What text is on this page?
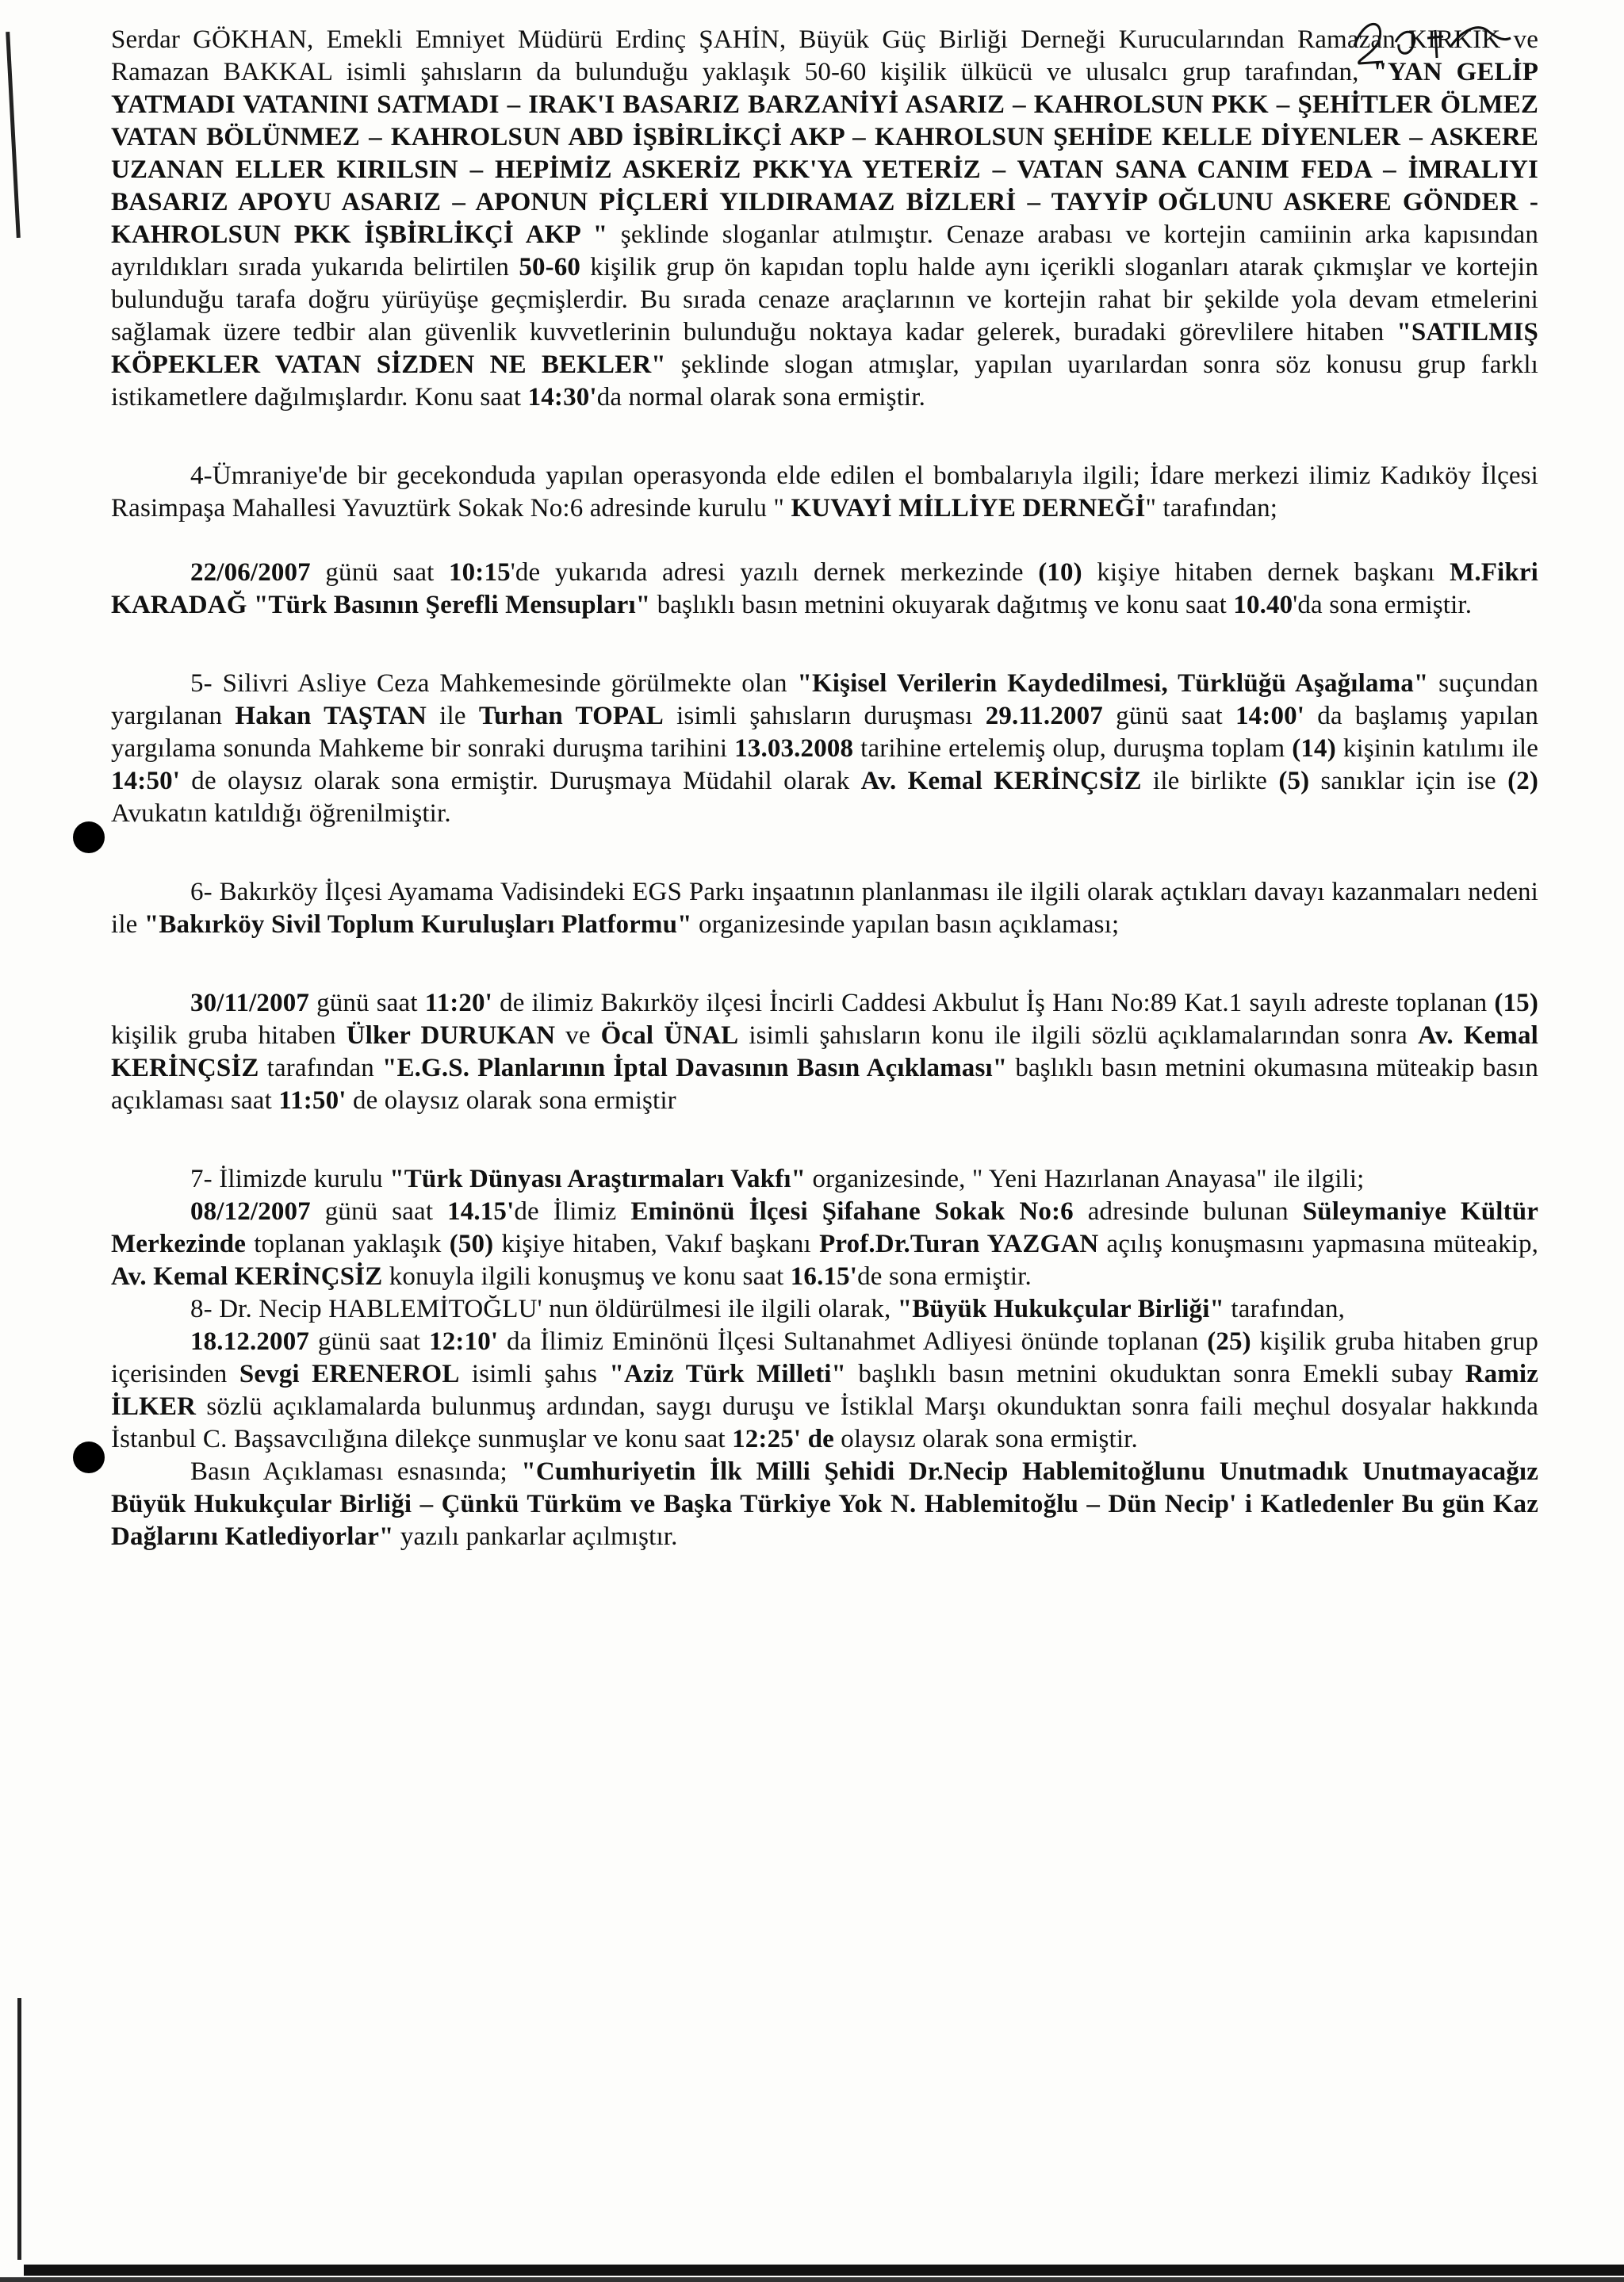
Serdar GÖKHAN, Emekli Emniyet Müdürü Erdinç ŞAHİN, Büyük Güç Birliği Derneği Kurucularından Ramazan KIRKIK ve Ramazan BAKKAL isimli şahısların da bulunduğu yaklaşık 50-60 kişilik ülkücü ve ulusalcı grup tarafından, "YAN GELİP YATMADI VATANINI SATMADI – IRAK'I BASARIZ BARZANİYİ ASARIZ – KAHROLSUN PKK – ŞEHİTLER ÖLMEZ VATAN BÖLÜNMEZ – KAHROLSUN ABD İŞBİRLİKÇİ AKP – KAHROLSUN ŞEHİDE KELLE DİYENLER – ASKERE UZANAN ELLER KIRILSIN – HEPİMİZ ASKERİZ PKK'YA YETERİZ – VATAN SANA CANIM FEDA – İMRALIYI BASARIZ APOYU ASARIZ – APONUN PİÇLERİ YILDIRAMAZ BİZLERİ – TAYYİP OĞLUNU ASKERE GÖNDER - KAHROLSUN PKK İŞBİRLİKÇİ AKP " şeklinde sloganlar atılmıştır. Cenaze arabası ve kortejin camiinin arka kapısından ayrıldıkları sırada yukarıda belirtilen 50-60 kişilik grup ön kapıdan toplu halde aynı içerikli sloganları atarak çıkmışlar ve kortejin bulunduğu tarafa doğru yürüyüşe geçmişlerdir. Bu sırada cenaze araçlarının ve kortejin rahat bir şekilde yola devam etmelerini sağlamak üzere tedbir alan güvenlik kuvvetlerinin bulunduğu noktaya kadar gelerek, buradaki görevlilere hitaben "SATILMIŞ KÖPEKLER VATAN SİZDEN NE BEKLER" şeklinde slogan atmışlar, yapılan uyarılardan sonra söz konusu grup farklı istikametlere dağılmışlardır. Konu saat 14:30'da normal olarak sona ermiştir.

4-Ümraniye'de bir gecekonduda yapılan operasyonda elde edilen el bombalarıyla ilgili; İdare merkezi ilimiz Kadıköy İlçesi Rasimpaşa Mahallesi Yavuztürk Sokak No:6 adresinde kurulu " KUVAYİ MİLLİYE DERNEĞİ" tarafından;

22/06/2007 günü saat 10:15'de yukarıda adresi yazılı dernek merkezinde (10) kişiye hitaben dernek başkanı M.Fikri KARADAĞ "Türk Basının Şerefli Mensupları" başlıklı basın metnini okuyarak dağıtmış ve konu saat 10.40'da sona ermiştir.

5- Silivri Asliye Ceza Mahkemesinde görülmekte olan "Kişisel Verilerin Kaydedilmesi, Türklüğü Aşağılama" suçundan yargılanan Hakan TAŞTAN ile Turhan TOPAL isimli şahısların duruşması 29.11.2007 günü saat 14:00' da başlamış yapılan yargılama sonunda Mahkeme bir sonraki duruşma tarihini 13.03.2008 tarihine ertelemiş olup, duruşma toplam (14) kişinin katılımı ile 14:50' de olaysız olarak sona ermiştir. Duruşmaya Müdahil olarak Av. Kemal KERİNÇSİZ ile birlikte (5) sanıklar için ise (2) Avukatın katıldığı öğrenilmiştir.

6- Bakırköy İlçesi Ayamama Vadisindeki EGS Parkı inşaatının planlanması ile ilgili olarak açtıkları davayı kazanmaları nedeni ile "Bakırköy Sivil Toplum Kuruluşları Platformu" organizesinde yapılan basın açıklaması;

30/11/2007 günü saat 11:20' de ilimiz Bakırköy ilçesi İncirli Caddesi Akbulut İş Hanı No:89 Kat.1 sayılı adreste toplanan (15) kişilik gruba hitaben Ülker DURUKAN ve Öcal ÜNAL isimli şahısların konu ile ilgili sözlü açıklamalarından sonra Av. Kemal KERİNÇSİZ tarafından "E.G.S. Planlarının İptal Davasının Basın Açıklaması" başlıklı basın metnini okumasına müteakip basın açıklaması saat 11:50' de olaysız olarak sona ermiştir

7- İlimizde kurulu "Türk Dünyası Araştırmaları Vakfı" organizesinde, " Yeni Hazırlanan Anayasa" ile ilgili;

08/12/2007 günü saat 14.15'de İlimiz Eminönü İlçesi Şifahane Sokak No:6 adresinde bulunan Süleymaniye Kültür Merkezinde toplanan yaklaşık (50) kişiye hitaben, Vakıf başkanı Prof.Dr.Turan YAZGAN açılış konuşmasını yapmasına müteakip, Av. Kemal KERİNÇSİZ konuyla ilgili konuşmuş ve konu saat 16.15'de sona ermiştir.

8- Dr. Necip HABLEMİTOĞLU' nun öldürülmesi ile ilgili olarak, "Büyük Hukukçular Birliği" tarafından,

18.12.2007 günü saat 12:10' da İlimiz Eminönü İlçesi Sultanahmet Adliyesi önünde toplanan (25) kişilik gruba hitaben grup içerisinden Sevgi ERENEROL isimli şahıs "Aziz Türk Milleti" başlıklı basın metnini okuduktan sonra Emekli subay Ramiz İLKER sözlü açıklamalarda bulunmuş ardından, saygı duruşu ve İstiklal Marşı okunduktan sonra faili meçhul dosyalar hakkında İstanbul C. Başsavcılığına dilekçe sunmuşlar ve konu saat 12:25' de olaysız olarak sona ermiştir.

Basın Açıklaması esnasında; "Cumhuriyetin İlk Milli Şehidi Dr.Necip Hablemitoğlunu Unutmadık Unutmayacağız Büyük Hukukçular Birliği – Çünkü Türküm ve Başka Türkiye Yok N. Hablemitoğlu – Dün Necip' i Katledenler Bu gün Kaz Dağlarını Katlediyorlar" yazılı pankarlar açılmıştır.
